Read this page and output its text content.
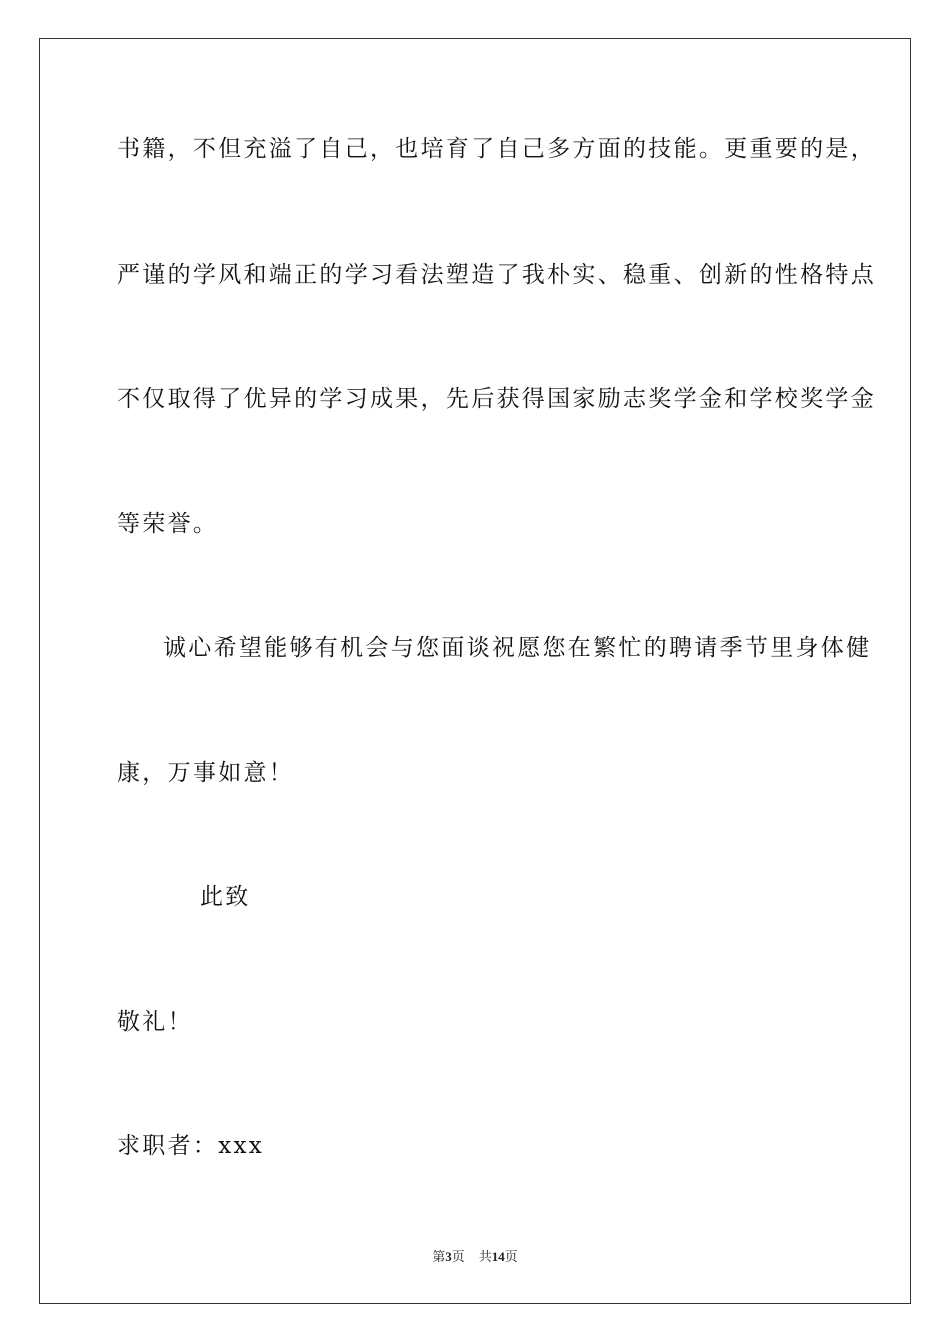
书籍，不但充溢了自己，也培育了自己多方面的技能。更重要的是，
严谨的学风和端正的学习看法塑造了我朴实、稳重、创新的性格特点
不仅取得了优异的学习成果，先后获得国家励志奖学金和学校奖学金
等荣誉。
诚心希望能够有机会与您面谈祝愿您在繁忙的聘请季节里身体健
康，万事如意！
此致
敬礼！
求职者：xxx
第3页 共14页
